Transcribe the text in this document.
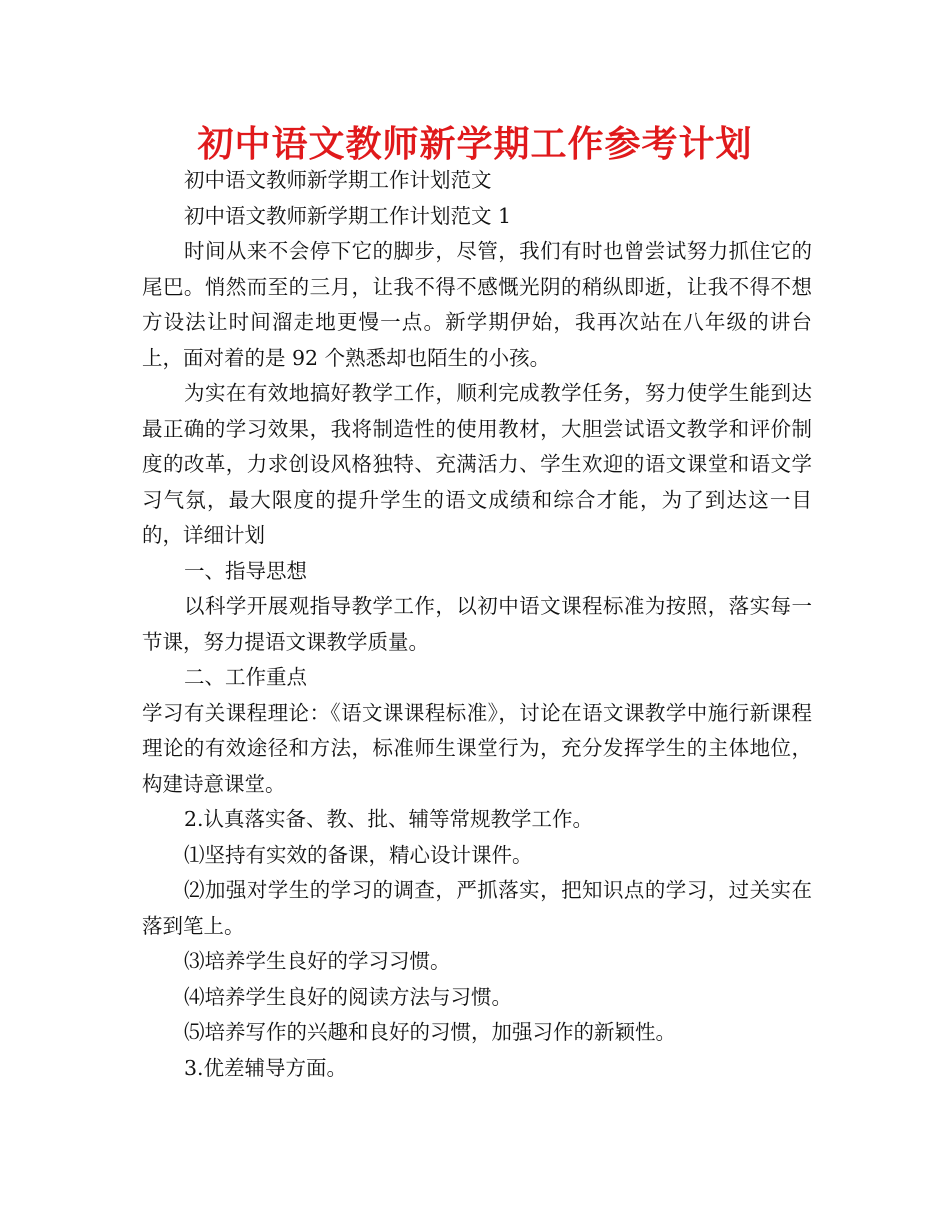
初中语文教师新学期工作参考计划

初中语文教师新学期工作计划范文

初中语文教师新学期工作计划范文 1

时间从来不会停下它的脚步，尽管，我们有时也曾尝试努力抓住它的尾巴。悄然而至的三月，让我不得不感慨光阴的稍纵即逝，让我不得不想方设法让时间溜走地更慢一点。新学期伊始，我再次站在八年级的讲台上，面对着的是 92 个熟悉却也陌生的小孩。

为实在有效地搞好教学工作，顺利完成教学任务，努力使学生能到达最正确的学习效果，我将制造性的使用教材，大胆尝试语文教学和评价制度的改革，力求创设风格独特、充满活力、学生欢迎的语文课堂和语文学习气氛，最大限度的提升学生的语文成绩和综合才能，为了到达这一目的，详细计划

一、指导思想

以科学开展观指导教学工作，以初中语文课程标准为按照，落实每一节课，努力提语文课教学质量。

二、工作重点

学习有关课程理论：《语文课课程标准》，讨论在语文课教学中施行新课程理论的有效途径和方法，标准师生课堂行为，充分发挥学生的主体地位，构建诗意课堂。

2.认真落实备、教、批、辅等常规教学工作。

⑴坚持有实效的备课，精心设计课件。

⑵加强对学生的学习的调查，严抓落实，把知识点的学习，过关实在落到笔上。

⑶培养学生良好的学习习惯。

⑷培养学生良好的阅读方法与习惯。

⑸培养写作的兴趣和良好的习惯，加强习作的新颖性。

3.优差辅导方面。
